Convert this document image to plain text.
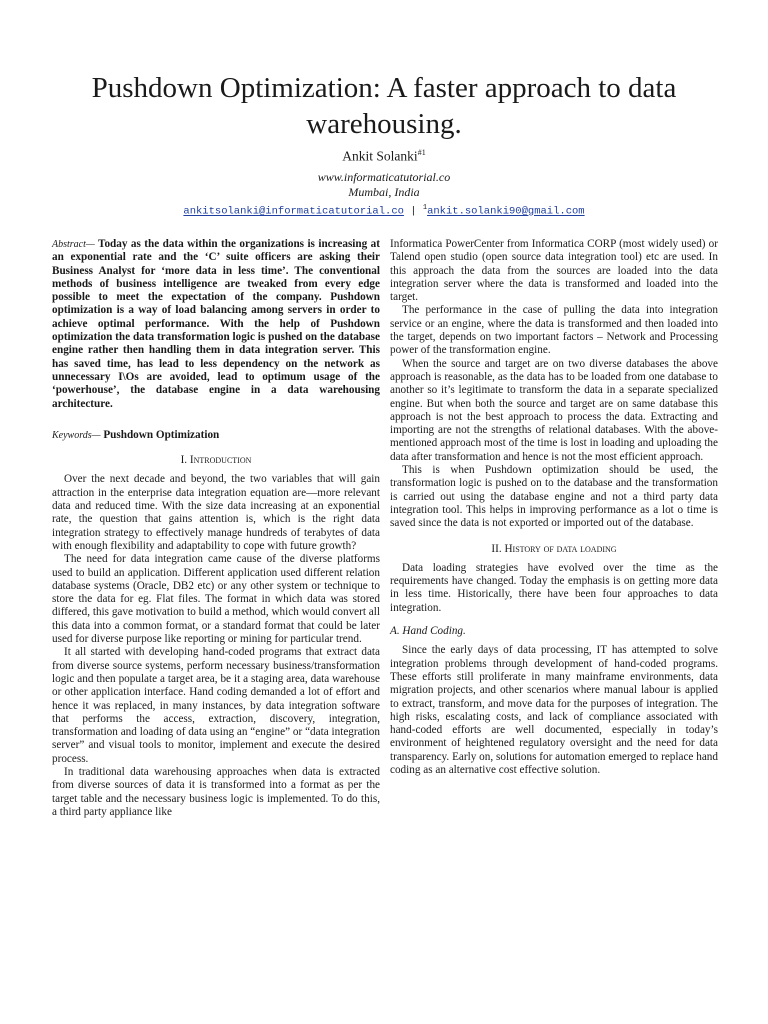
Pushdown Optimization: A faster approach to data warehousing.
Ankit Solanki$^{\#1}$
www.informaticatutorial.co
Mumbai, India
ankitsolanki@informaticatutorial.co | $^1$ankit.solanki90@gmail.com

Abstract— Today as the data within the organizations is increasing at an exponential rate and the ‘C’ suite officers are asking their Business Analyst for ‘more data in less time’. The conventional methods of business intelligence are tweaked from every edge possible to meet the expectation of the company. Pushdown optimization is a way of load balancing among servers in order to achieve optimal performance. With the help of Pushdown optimization the data transformation logic is pushed on the database engine rather then handling them in data integration server. This has saved time, has lead to less dependency on the network as unnecessary I\Os are avoided, lead to optimum usage of the ‘powerhouse’, the database engine in a data warehousing architecture.

Keywords— Pushdown Optimization

I. Introduction

Over the next decade and beyond, the two variables that will gain attraction in the enterprise data integration equation are—more relevant data and reduced time. With the size data increasing at an exponential rate, the question that gains attention is, which is the right data integration strategy to effectively manage hundreds of terabytes of data with enough flexibility and adaptability to cope with future growth?

The need for data integration came cause of the diverse platforms used to build an application. Different application used different relation database systems (Oracle, DB2 etc) or any other system or technique to store the data for eg. Flat files. The format in which data was stored differed, this gave motivation to build a method, which would convert all this data into a common format, or a standard format that could be later used for diverse purpose like reporting or mining for particular trend.

It all started with developing hand-coded programs that extract data from diverse source systems, perform necessary business/transformation logic and then populate a target area, be it a staging area, data warehouse or other application interface. Hand coding demanded a lot of effort and hence it was replaced, in many instances, by data integration software that performs the access, extraction, discovery, integration, transformation and loading of data using an “engine” or “data integration server” and visual tools to monitor, implement and execute the desired process.

In traditional data warehousing approaches when data is extracted from diverse sources of data it is transformed into a format as per the target table and the necessary business logic is implemented. To do this, a third party appliance like

Informatica PowerCenter from Informatica CORP (most widely used) or Talend open studio (open source data integration tool) etc are used. In this approach the data from the sources are loaded into the data integration server where the data is transformed and loaded into the target.

The performance in the case of pulling the data into integration service or an engine, where the data is transformed and then loaded into the target, depends on two important factors – Network and Processing power of the transformation engine.

When the source and target are on two diverse databases the above approach is reasonable, as the data has to be loaded from one database to another so it’s legitimate to transform the data in a separate specialized engine. But when both the source and target are on same database this approach is not the best approach to process the data. Extracting and importing are not the strengths of relational databases. With the above-mentioned approach most of the time is lost in loading and uploading the data after transformation and hence is not the most efficient approach.

This is when Pushdown optimization should be used, the transformation logic is pushed on to the database and the transformation is carried out using the database engine and not a third party data integration tool. This helps in improving performance as a lot o time is saved since the data is not exported or imported out of the database.

II. History of data loading

Data loading strategies have evolved over the time as the requirements have changed. Today the emphasis is on getting more data in less time. Historically, there have been four approaches to data integration.

A. Hand Coding.

Since the early days of data processing, IT has attempted to solve integration problems through development of hand-coded programs. These efforts still proliferate in many mainframe environments, data migration projects, and other scenarios where manual labour is applied to extract, transform, and move data for the purposes of integration. The high risks, escalating costs, and lack of compliance associated with hand-coded efforts are well documented, especially in today’s environment of heightened regulatory oversight and the need for data transparency. Early on, solutions for automation emerged to replace hand coding as an alternative cost effective solution.
